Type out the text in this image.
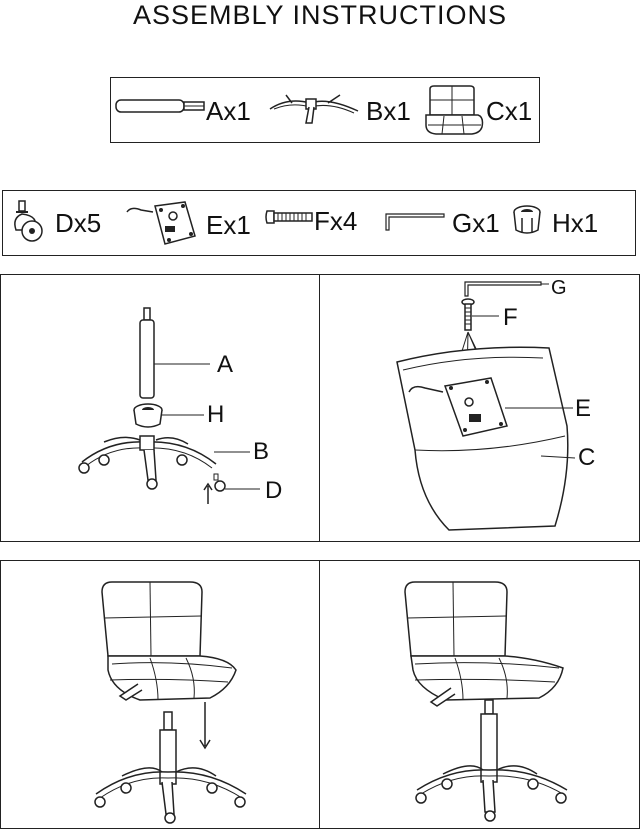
ASSEMBLY INSTRUCTIONS
Ax1	Bx1	Cx1
Dx5	Ex1 Fx4	Gx1 Hx1
A
H
B
D
G
F
E
C
